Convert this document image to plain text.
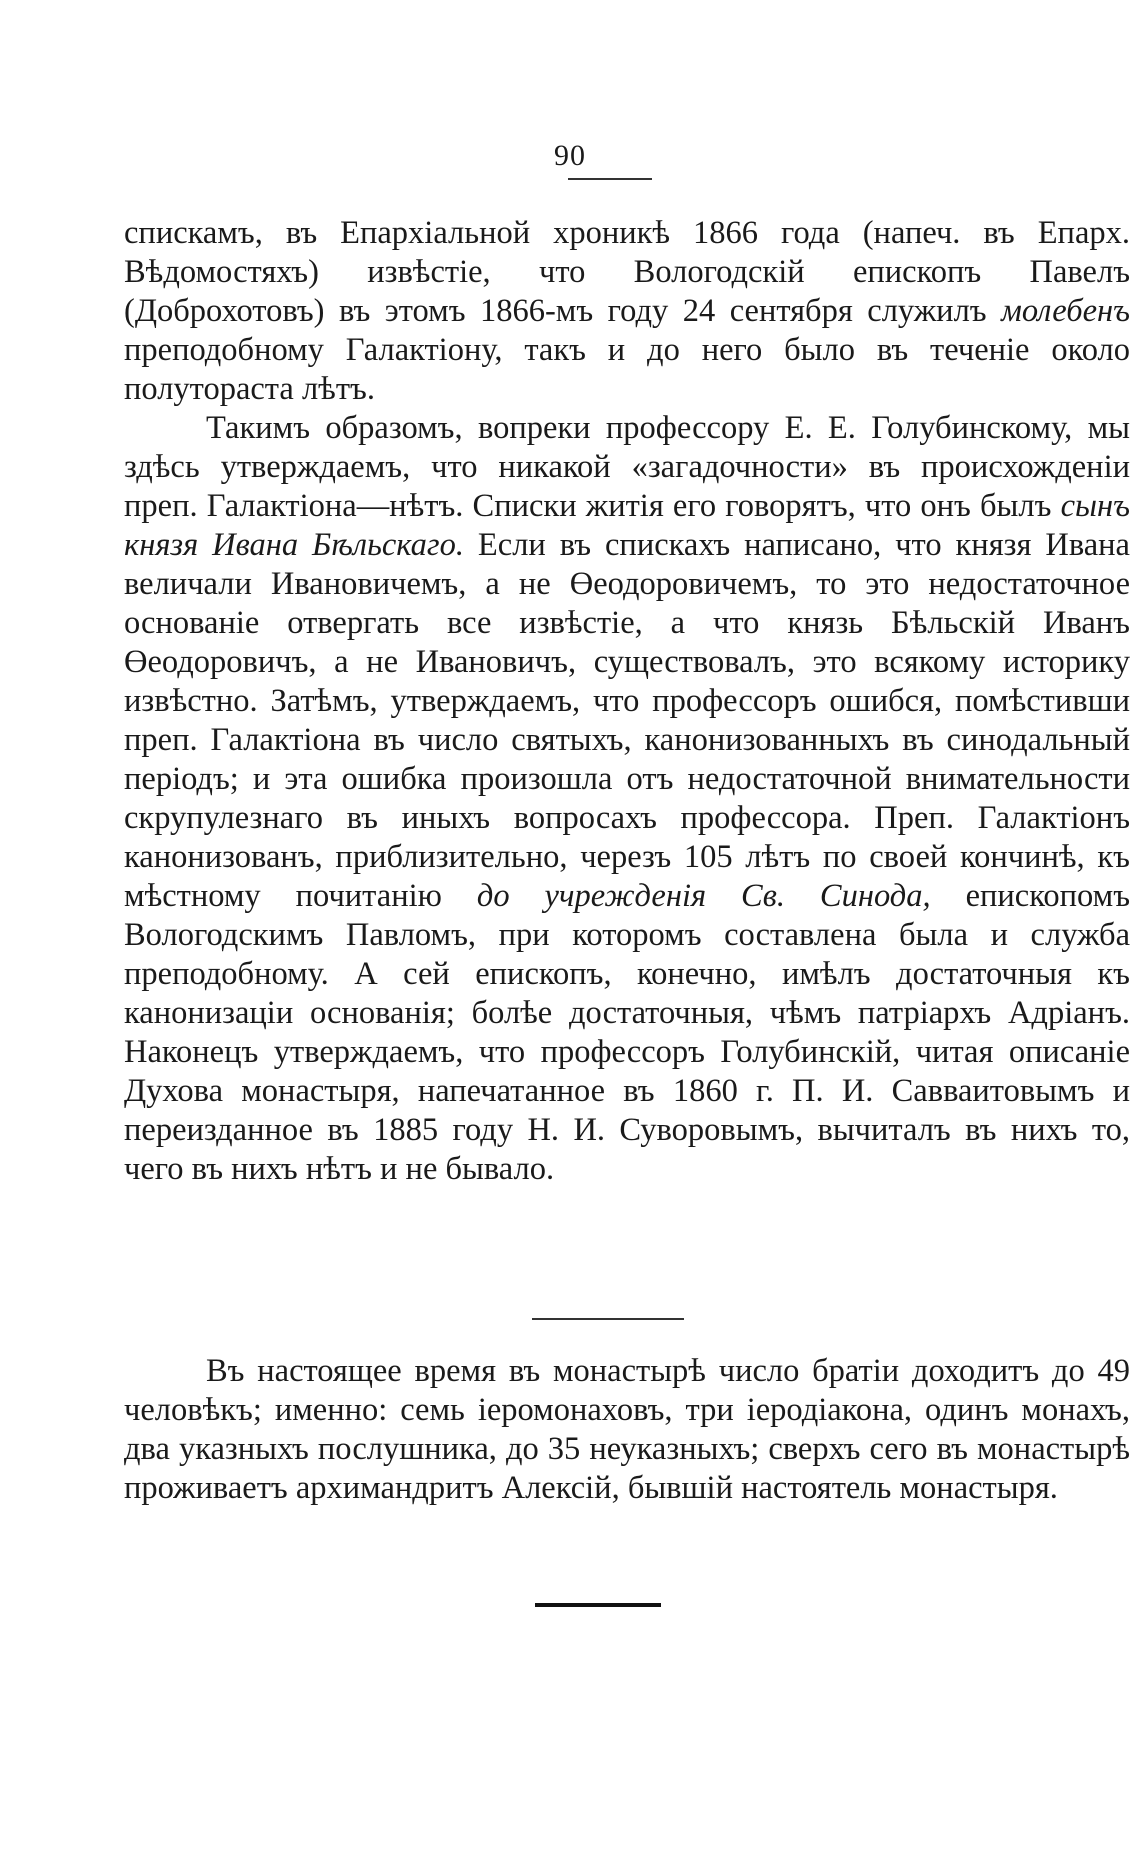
90

спискамъ, въ Епархіальной хроникѣ 1866 года (напеч. въ Епарх. Вѣдомостяхъ) извѣстіе, что Вологодскій епископъ Павелъ (Доброхотовъ) въ этомъ 1866-мъ году 24 сентября служилъ молебенъ преподобному Галактіону, такъ и до него было въ теченіе около полутораста лѣтъ.

Такимъ образомъ, вопреки профессору Е. Е. Голубинскому, мы здѣсь утверждаемъ, что никакой «загадочности» въ происхожденіи преп. Галактіона—нѣтъ. Списки житія его говорятъ, что онъ былъ сынъ князя Ивана Бѣльскаго. Если въ спискахъ написано, что князя Ивана величали Ивановичемъ, а не Өеодоровичемъ, то это недостаточное основаніе отвергать все извѣстіе, а что князь Бѣльскій Иванъ Өеодоровичъ, а не Ивановичъ, существовалъ, это всякому историку извѣстно. Затѣмъ, утверждаемъ, что профессоръ ошибся, помѣстивши преп. Галактіона въ число святыхъ, канонизованныхъ въ синодальный періодъ; и эта ошибка произошла отъ недостаточной внимательности скрупулезнаго въ иныхъ вопросахъ профессора. Преп. Галактіонъ канонизованъ, приблизительно, черезъ 105 лѣтъ по своей кончинѣ, къ мѣстному почитанію до учрежденія Св. Синода, епископомъ Вологодскимъ Павломъ, при которомъ составлена была и служба преподобному. А сей епископъ, конечно, имѣлъ достаточныя къ канонизаціи основанія; болѣе достаточныя, чѣмъ патріархъ Адріанъ. Наконецъ утверждаемъ, что профессоръ Голубинскій, читая описаніе Духова монастыря, напечатанное въ 1860 г. П. И. Савваитовымъ и переизданное въ 1885 году Н. И. Суворовымъ, вычиталъ въ нихъ то, чего въ нихъ нѣтъ и не бывало.

Въ настоящее время въ монастырѣ число братіи доходитъ до 49 человѣкъ; именно: семь іеромонаховъ, три іеродіакона, одинъ монахъ, два указныхъ послушника, до 35 неуказныхъ; сверхъ сего въ монастырѣ проживаетъ архимандритъ Алексій, бывшій настоятель монастыря.
